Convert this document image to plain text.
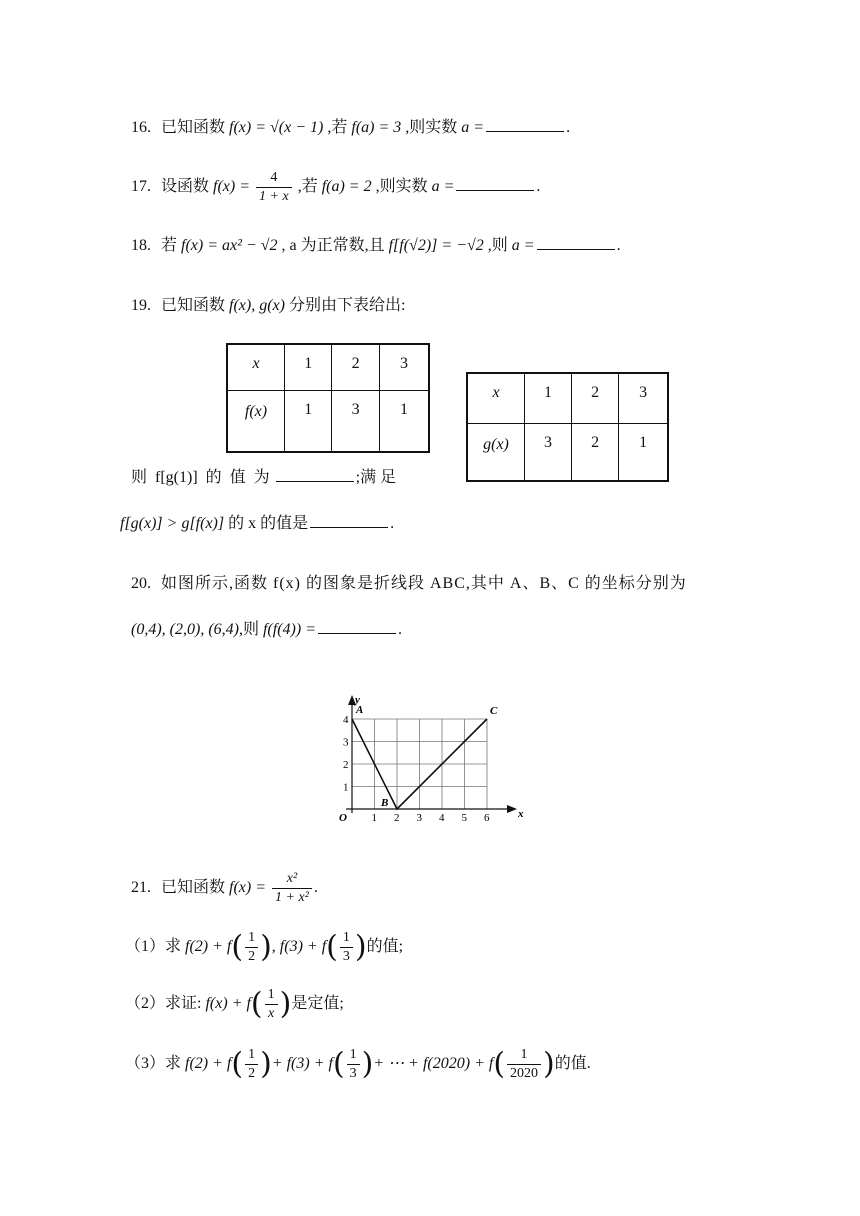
16. 已知函数 f(x) = √(x − 1) ,若 f(a) = 3 ,则实数 a =	.
17. 设函数 $f(x) = \frac{4}{1 + x}$ ,若 f(a) = 2 ,则实数 a =	.
18. 若 f(x) = ax² − √2 , a 为正常数,且 f[f(√2)] = −√2 ,则 a =	.
19. 已知函数 f(x), g(x) 分别由下表给出:
x	1	2	3
f(x)	1	3	1
x	1	2	3
g(x)	3	2	1
则 f[g(1)] 的 值 为	;满 足
f[g(x)] > g[f(x)] 的 x 的值是	.
20. 如图所示,函数 f(x) 的图象是折线段 ABC,其中 A、B、C 的坐标分别为
(0,4), (2,0), (6,4),则 f(f(4)) =	.
1 2 3 4 5 6
1
2
3
4
O	x
y
A
B
C
21. 已知函数 $f(x) = \frac{\text{x²}}{\text{1 + x²}}$ .
（1）求 $f(2) + f( \frac{1}{2}$ ), $f(3) + f( \frac{1}{3}$ )的值;
（2）求证: $f(x) + f( \frac{1}{x}$ )是定值;
（3）求 $f(2) + f( \frac{1}{2}$ )+ $f(3) + f( \frac{1}{3}$ )+ ⋯ + $f(2020) + f( \frac{1}{2020}$ )的值.
